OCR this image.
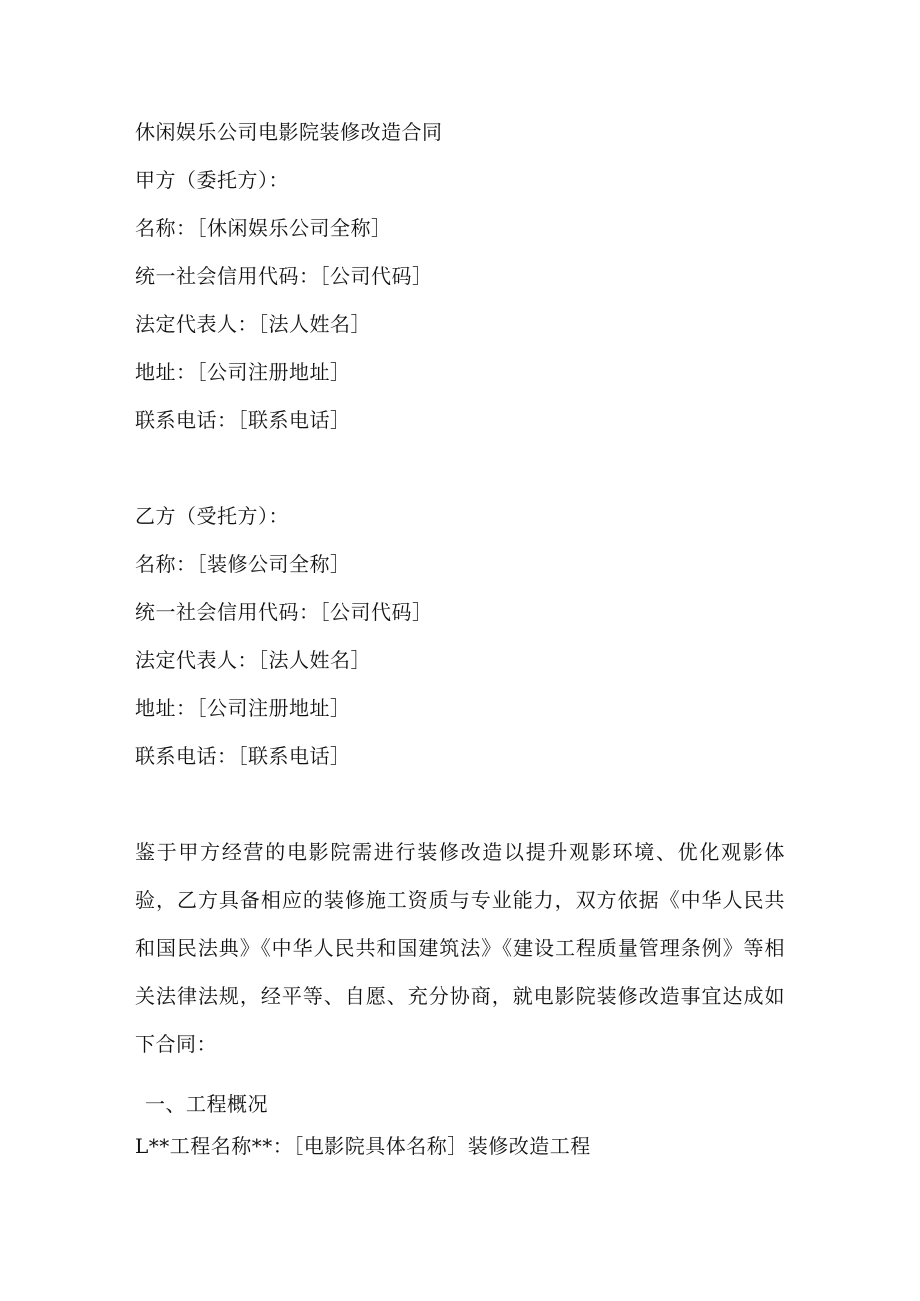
休闲娱乐公司电影院装修改造合同
甲方（委托方）：
名称：［休闲娱乐公司全称］
统一社会信用代码：［公司代码］
法定代表人：［法人姓名］
地址：［公司注册地址］
联系电话：［联系电话］
乙方（受托方）：
名称：［装修公司全称］
统一社会信用代码：［公司代码］
法定代表人：［法人姓名］
地址：［公司注册地址］
联系电话：［联系电话］
鉴于甲方经营的电影院需进行装修改造以提升观影环境、优化观影体验，乙方具备相应的装修施工资质与专业能力，双方依据《中华人民共和国民法典》《中华人民共和国建筑法》《建设工程质量管理条例》等相关法律法规，经平等、自愿、充分协商，就电影院装修改造事宜达成如下合同：
一、工程概况
L**工程名称**：［电影院具体名称］装修改造工程
